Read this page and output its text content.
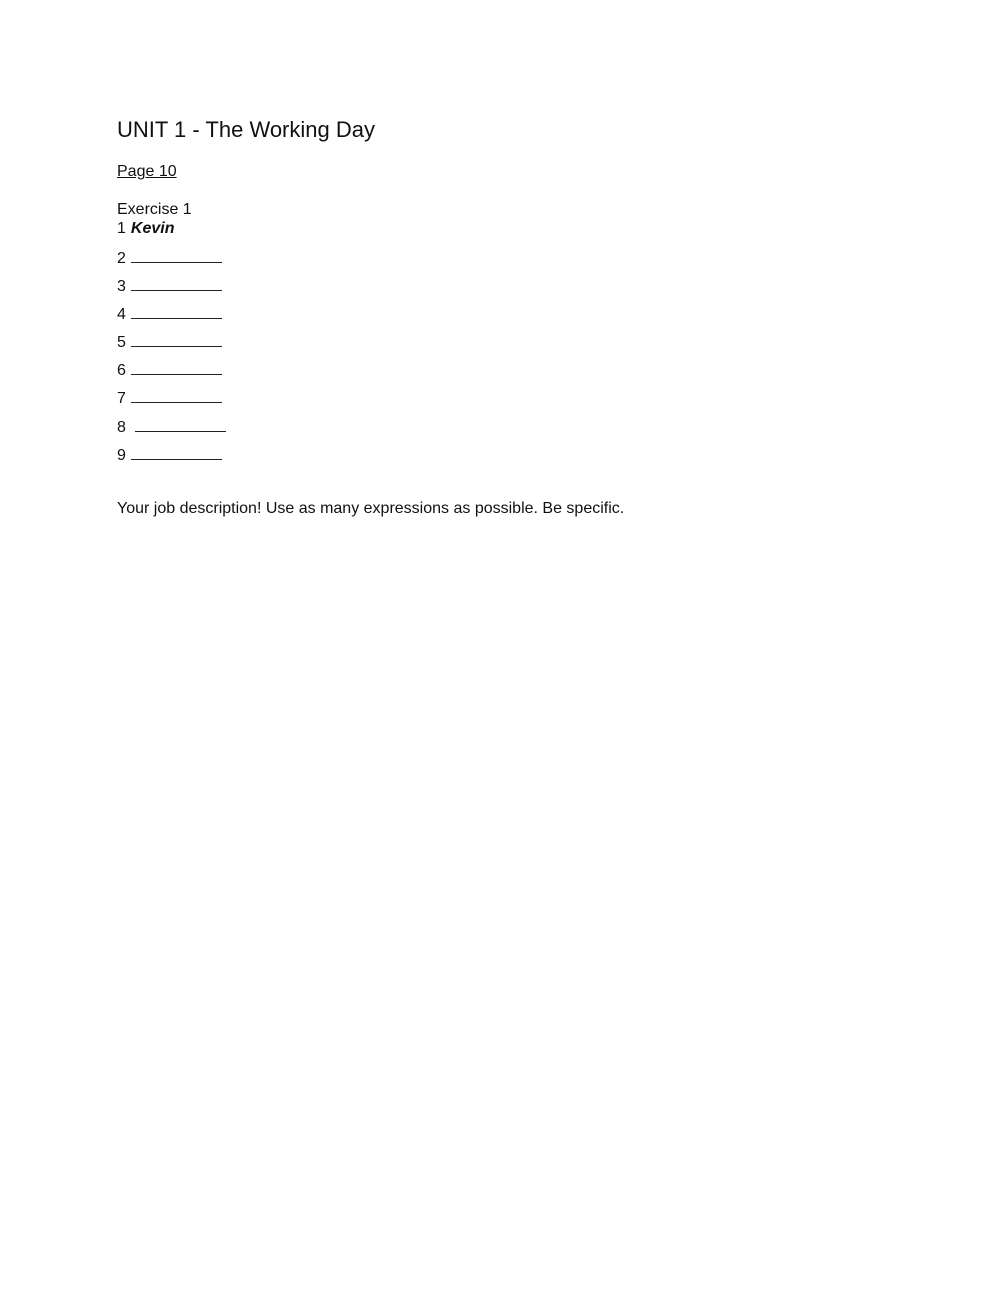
UNIT 1 - The Working Day
Page 10
Exercise 1
1 Kevin
2
3
4
5
6
7
8
9
Your job description! Use as many expressions as possible. Be specific.
